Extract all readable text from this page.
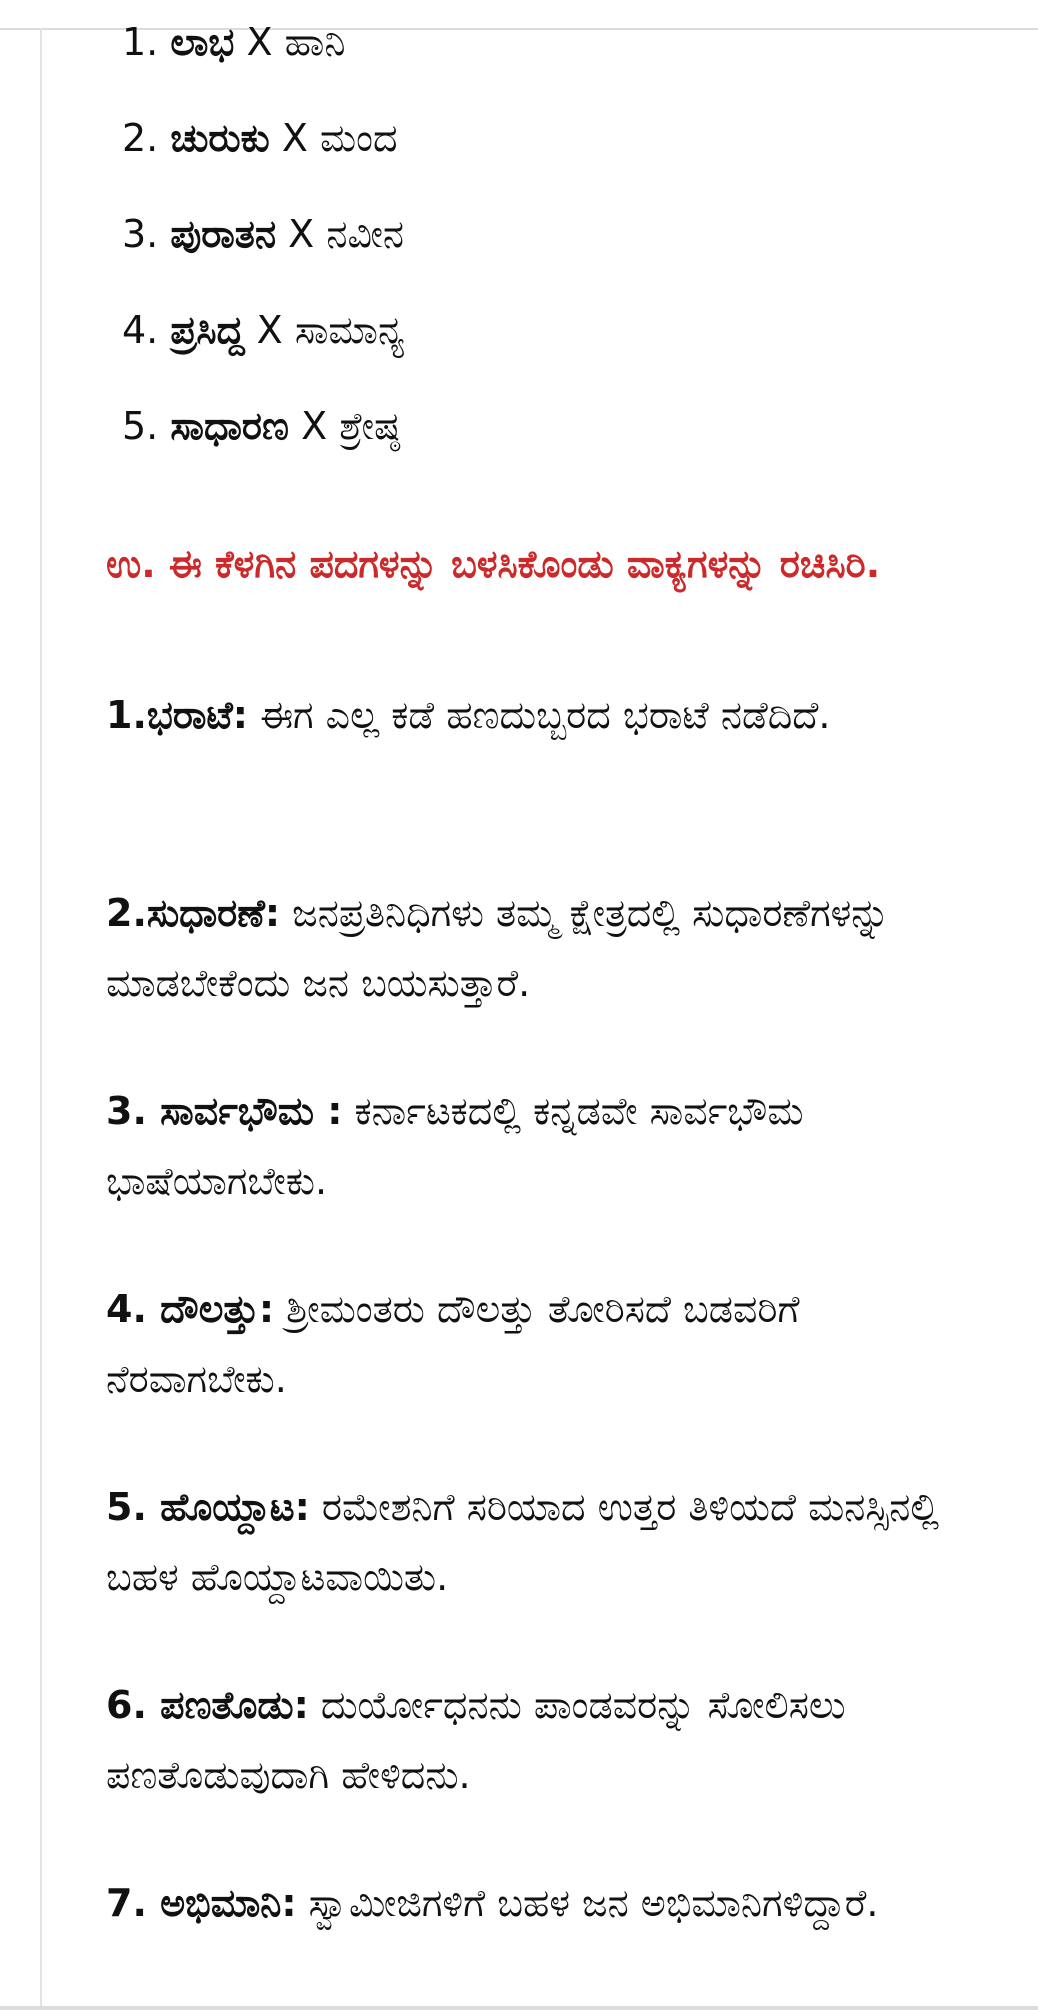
1. ಲಾಭ X ಹಾನಿ
2. ಚುರುಕು X ಮಂದ
3. ಪುರಾತನ X ನವೀನ
4. ಪ್ರಸಿದ್ದ X ಸಾಮಾನ್ಯ
5. ಸಾಧಾರಣ X ಶ್ರೇಷ್ಠ
ಉ. ಈ ಕೆಳಗಿನ ಪದಗಳನ್ನು ಬಳಸಿಕೊಂಡು ವಾಕ್ಯಗಳನ್ನು ರಚಿಸಿರಿ.

1.ಭರಾಟೆ: ಈಗ ಎಲ್ಲ ಕಡೆ ಹಣದುಬ್ಬರದ ಭರಾಟೆ ನಡೆದಿದೆ.

2.ಸುಧಾರಣೆ: ಜನಪ್ರತಿನಿಧಿಗಳು ತಮ್ಮ ಕ್ಷೇತ್ರದಲ್ಲಿ ಸುಧಾರಣೆಗಳನ್ನು ಮಾಡಬೇಕೆಂದು ಜನ ಬಯಸುತ್ತಾರೆ.

3. ಸಾರ್ವಭೌಮ : ಕರ್ನಾಟಕದಲ್ಲಿ ಕನ್ನಡವೇ ಸಾರ್ವಭೌಮ ಭಾಷೆಯಾಗಬೇಕು.

4. ದೌಲತ್ತು: ಶ್ರೀಮಂತರು ದೌಲತ್ತು ತೋರಿಸದೆ ಬಡವರಿಗೆ ನೆರವಾಗಬೇಕು.

5. ಹೊಯ್ದಾಟ: ರಮೇಶನಿಗೆ ಸರಿಯಾದ ಉತ್ತರ ತಿಳಿಯದೆ ಮನಸ್ಸಿನಲ್ಲಿ ಬಹಳ ಹೊಯ್ದಾಟವಾಯಿತು.

6. ಪಣತೊಡು: ದುರ್ಯೋಧನನು ಪಾಂಡವರನ್ನು ಸೋಲಿಸಲು ಪಣತೊಡುವುದಾಗಿ ಹೇಳಿದನು.

7. ಅಭಿಮಾನಿ: ಸ್ವಾಮೀಜಿಗಳಿಗೆ ಬಹಳ ಜನ ಅಭಿಮಾನಿಗಳಿದ್ದಾರೆ.
